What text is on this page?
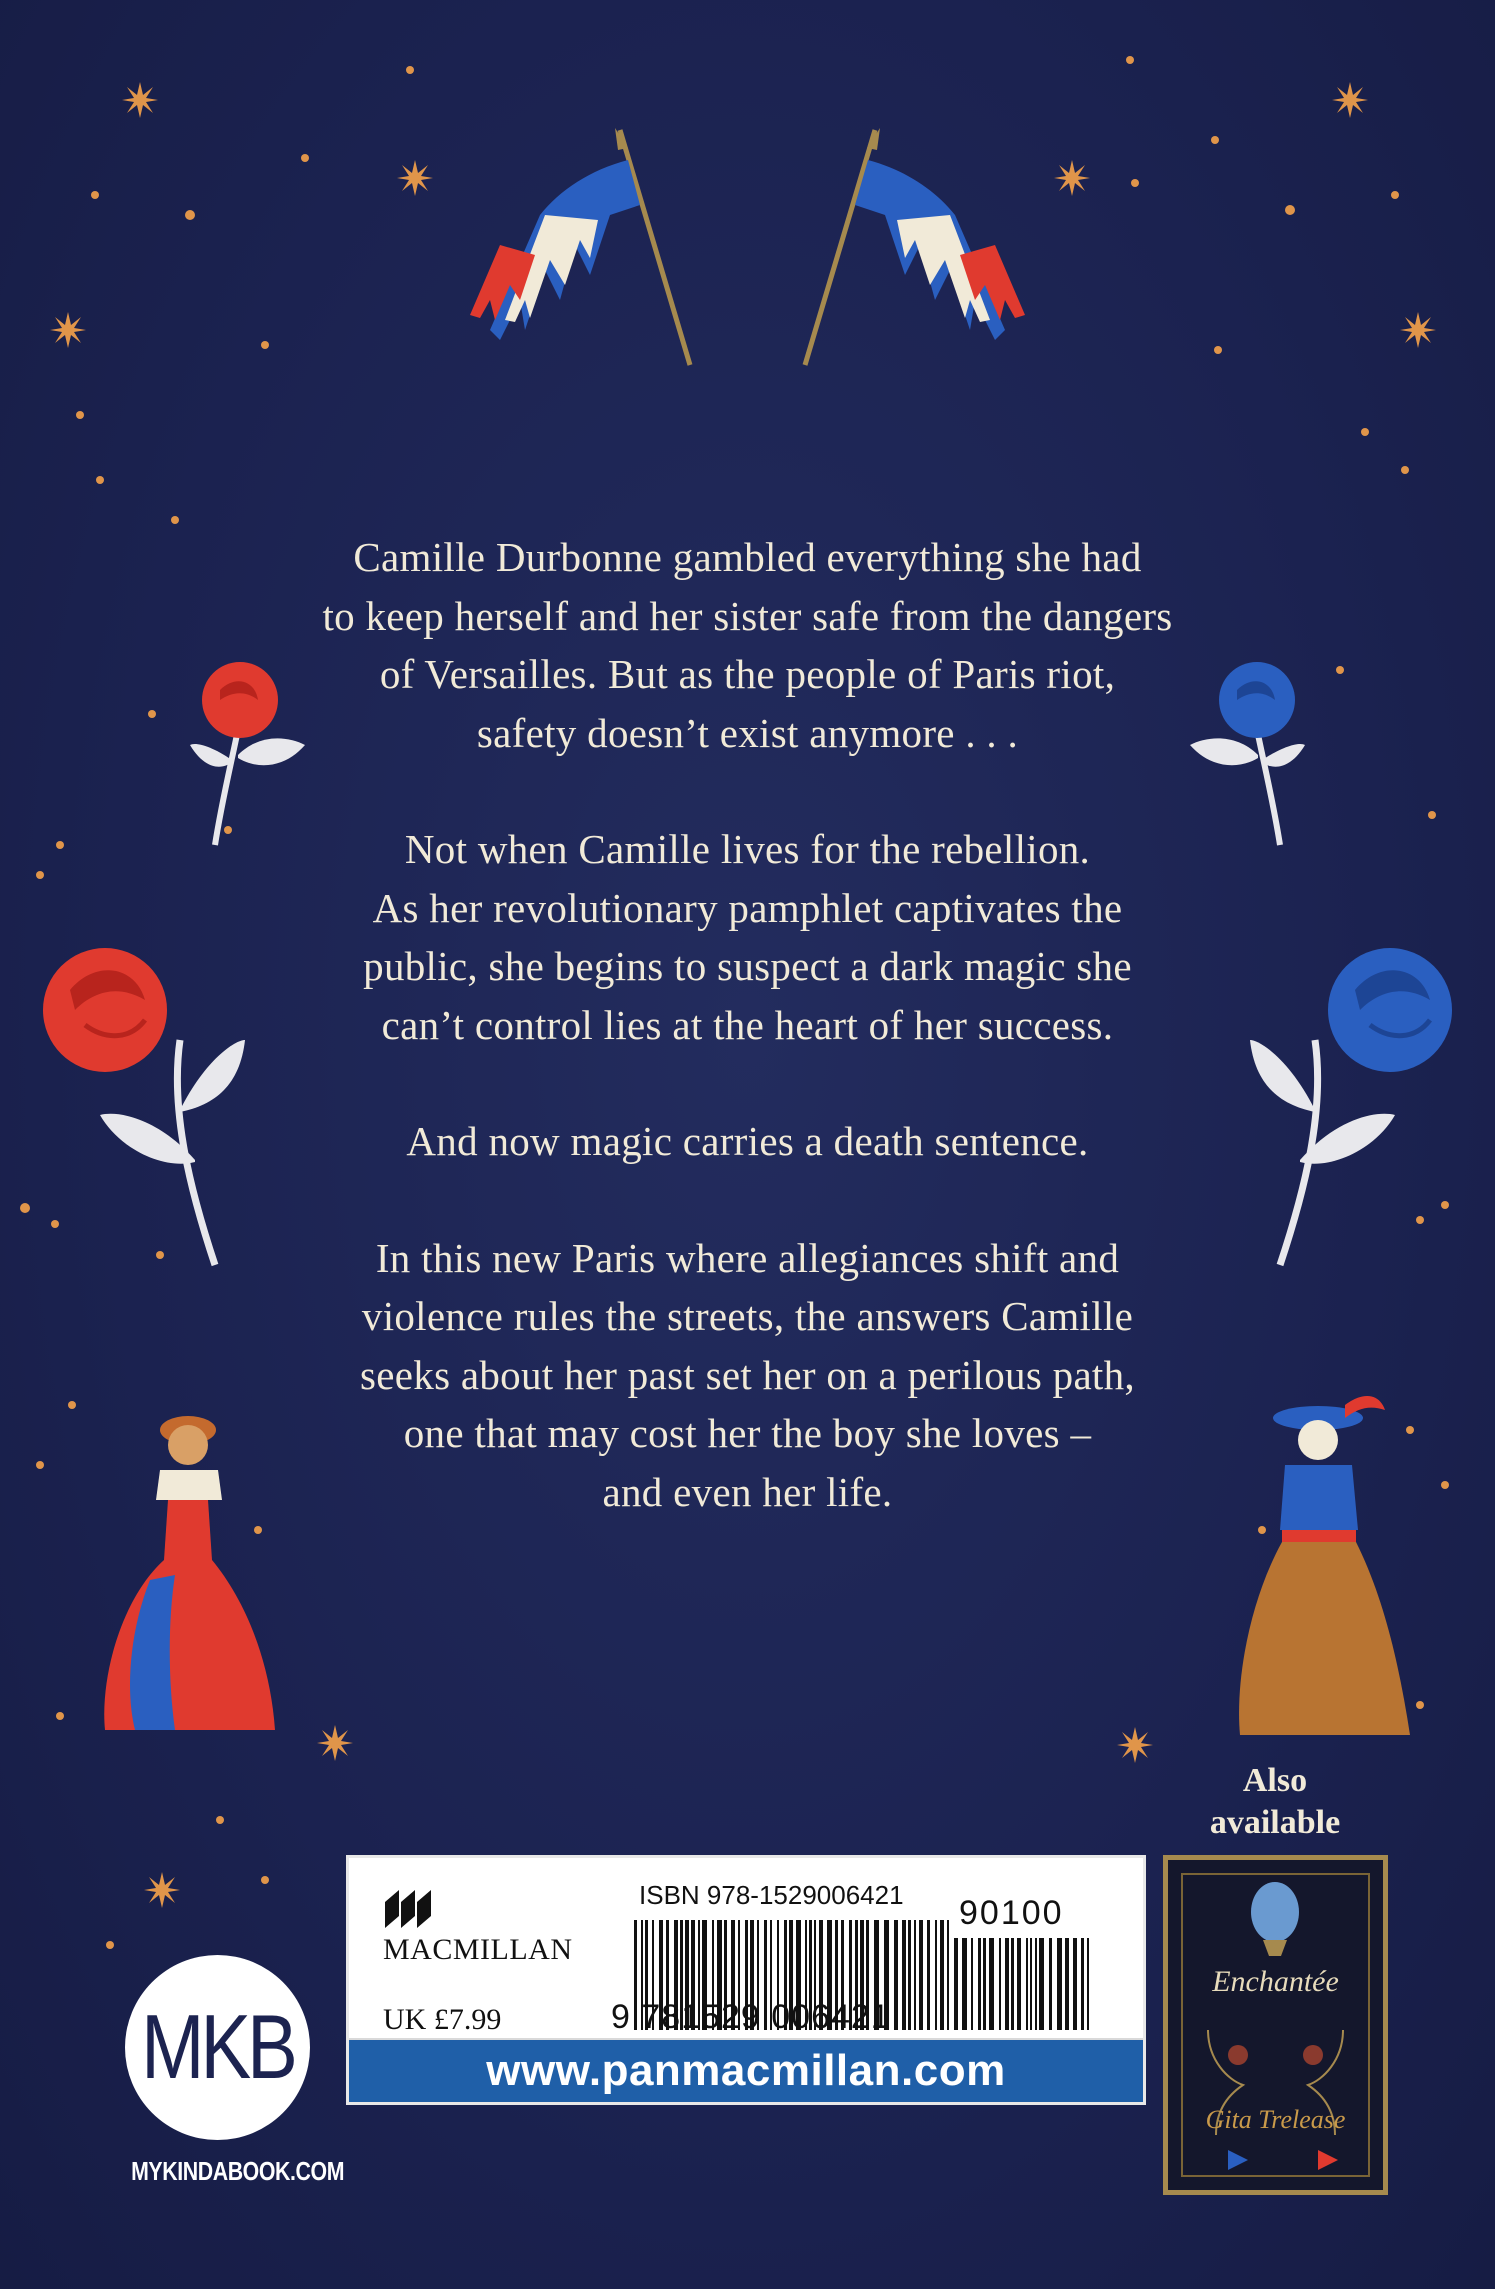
Camille Durbonne gambled everything she had
to keep herself and her sister safe from the dangers
of Versailles. But as the people of Paris riot,
safety doesn’t exist anymore . . .

Not when Camille lives for the rebellion.
As her revolutionary pamphlet captivates the
public, she begins to suspect a dark magic she
can’t control lies at the heart of her success.

And now magic carries a death sentence.

In this new Paris where allegiances shift and
violence rules the streets, the answers Camille
seeks about her past set her on a perilous path,
one that may cost her the boy she loves –
and even her life.

Also
available
MACMILLAN
UK £7.99
ISBN 978-1529006421 90100
9 781529 006421
www.panmacmillan.com
MKB
MYKINDABOOK.COM
Enchantée
Gita Trelease
